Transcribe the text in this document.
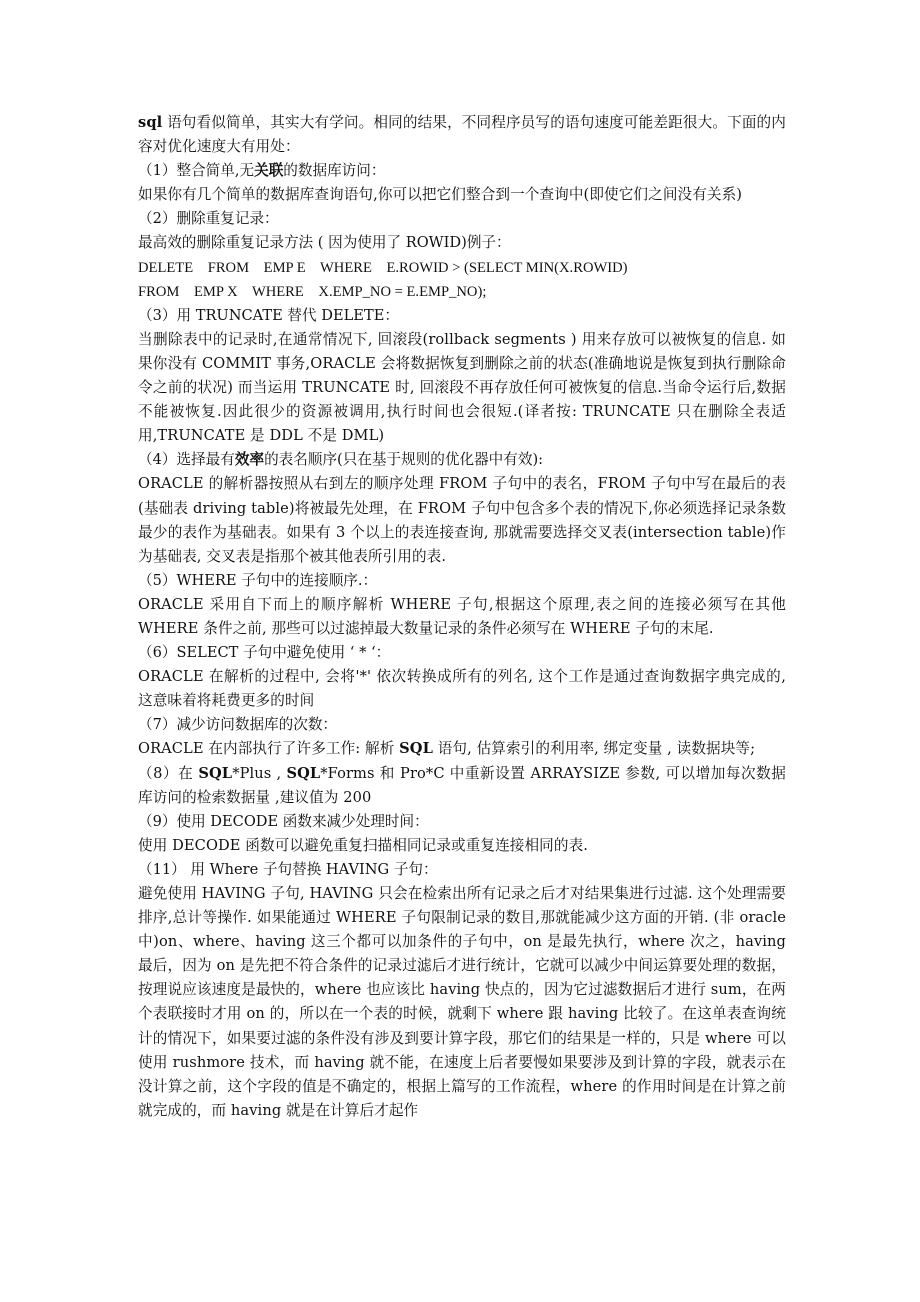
sql 语句看似简单，其实大有学问。相同的结果，不同程序员写的语句速度可能差距很大。下面的内容对优化速度大有用处：

（1）整合简单,无关联的数据库访问：

如果你有几个简单的数据库查询语句,你可以把它们整合到一个查询中(即使它们之间没有关系)

（2）删除重复记录：

最高效的删除重复记录方法 ( 因为使用了 ROWID)例子：

DELETE    FROM    EMP E    WHERE    E.ROWID > (SELECT MIN(X.ROWID)

FROM    EMP X    WHERE    X.EMP_NO = E.EMP_NO);

（3）用 TRUNCATE 替代 DELETE：

当删除表中的记录时,在通常情况下, 回滚段(rollback segments ) 用来存放可以被恢复的信息. 如果你没有 COMMIT 事务,ORACLE 会将数据恢复到删除之前的状态(准确地说是恢复到执行删除命令之前的状况) 而当运用 TRUNCATE 时, 回滚段不再存放任何可被恢复的信息.当命令运行后,数据不能被恢复.因此很少的资源被调用,执行时间也会很短.(译者按: TRUNCATE 只在删除全表适用,TRUNCATE 是 DDL 不是 DML)

（4）选择最有效率的表名顺序(只在基于规则的优化器中有效):

ORACLE 的解析器按照从右到左的顺序处理 FROM 子句中的表名，FROM 子句中写在最后的表(基础表 driving table)将被最先处理，在 FROM 子句中包含多个表的情况下,你必须选择记录条数最少的表作为基础表。如果有 3 个以上的表连接查询, 那就需要选择交叉表(intersection table)作为基础表, 交叉表是指那个被其他表所引用的表.

（5）WHERE 子句中的连接顺序.：

ORACLE 采用自下而上的顺序解析 WHERE 子句,根据这个原理,表之间的连接必须写在其他 WHERE 条件之前, 那些可以过滤掉最大数量记录的条件必须写在 WHERE 子句的末尾.

（6）SELECT 子句中避免使用 ‘ * ‘：

ORACLE 在解析的过程中, 会将'*' 依次转换成所有的列名, 这个工作是通过查询数据字典完成的, 这意味着将耗费更多的时间

（7）减少访问数据库的次数：

ORACLE 在内部执行了许多工作: 解析 SQL 语句, 估算索引的利用率, 绑定变量 , 读数据块等;

（8）在 SQL*Plus , SQL*Forms 和 Pro*C 中重新设置 ARRAYSIZE 参数, 可以增加每次数据库访问的检索数据量 ,建议值为 200

（9）使用 DECODE 函数来减少处理时间：

使用 DECODE 函数可以避免重复扫描相同记录或重复连接相同的表.

（11） 用 Where 子句替换 HAVING 子句：

避免使用 HAVING 子句, HAVING 只会在检索出所有记录之后才对结果集进行过滤. 这个处理需要排序,总计等操作. 如果能通过 WHERE 子句限制记录的数目,那就能减少这方面的开销. (非 oracle 中)on、where、having 这三个都可以加条件的子句中，on 是最先执行，where 次之，having 最后，因为 on 是先把不符合条件的记录过滤后才进行统计，它就可以减少中间运算要处理的数据，按理说应该速度是最快的，where 也应该比 having 快点的，因为它过滤数据后才进行 sum，在两个表联接时才用 on 的，所以在一个表的时候，就剩下 where 跟 having 比较了。在这单表查询统计的情况下，如果要过滤的条件没有涉及到要计算字段，那它们的结果是一样的，只是 where 可以使用 rushmore 技术，而 having 就不能，在速度上后者要慢如果要涉及到计算的字段，就表示在没计算之前，这个字段的值是不确定的，根据上篇写的工作流程，where 的作用时间是在计算之前就完成的，而 having 就是在计算后才起作
